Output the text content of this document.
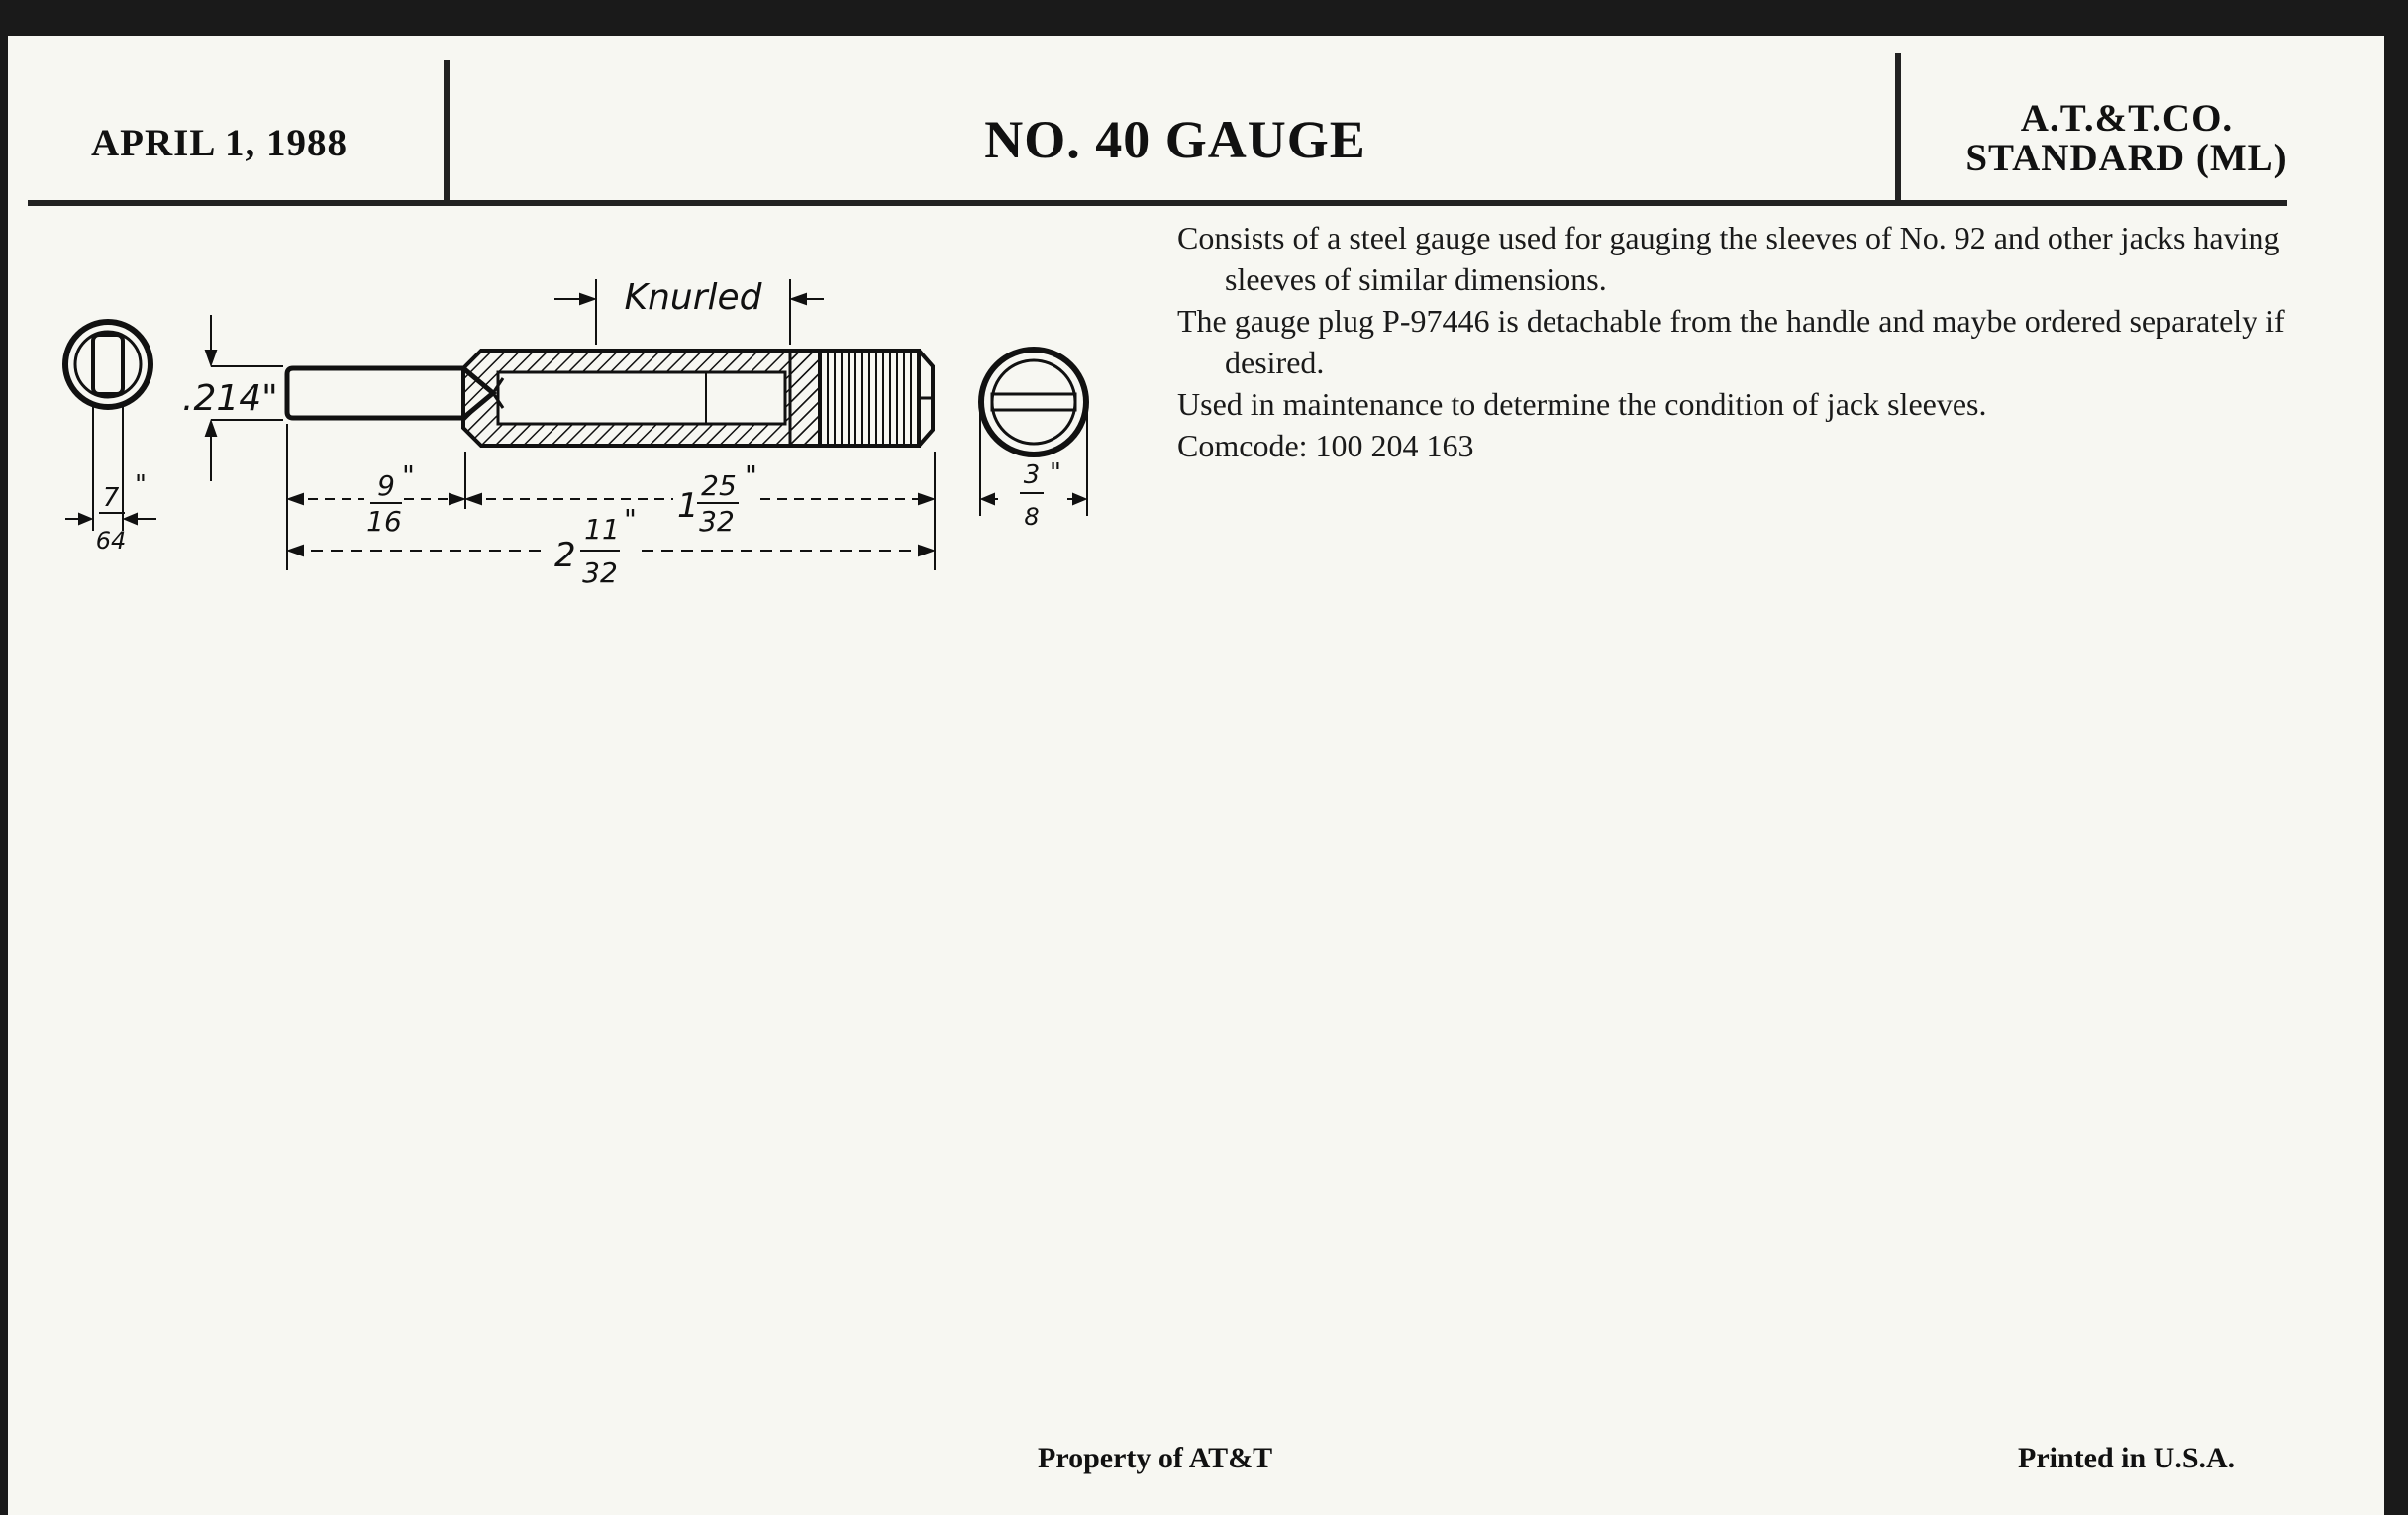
APRIL 1, 1988	NO. 40 GAUGE	A.T.&T.CO.
STANDARD (ML)
7
64
"	3
8
"
.214"
Knurled
9
16
"
1
25
32
"
2
11
32
"

Consists of a steel gauge used for gauging the sleeves of No. 92 and other jacks having sleeves of similar dimensions.

The gauge plug P-97446 is detachable from the handle and maybe ordered separately if desired.

Used in maintenance to determine the condition of jack sleeves.

Comcode: 100 204 163

Property of AT&T	Printed in U.S.A.
